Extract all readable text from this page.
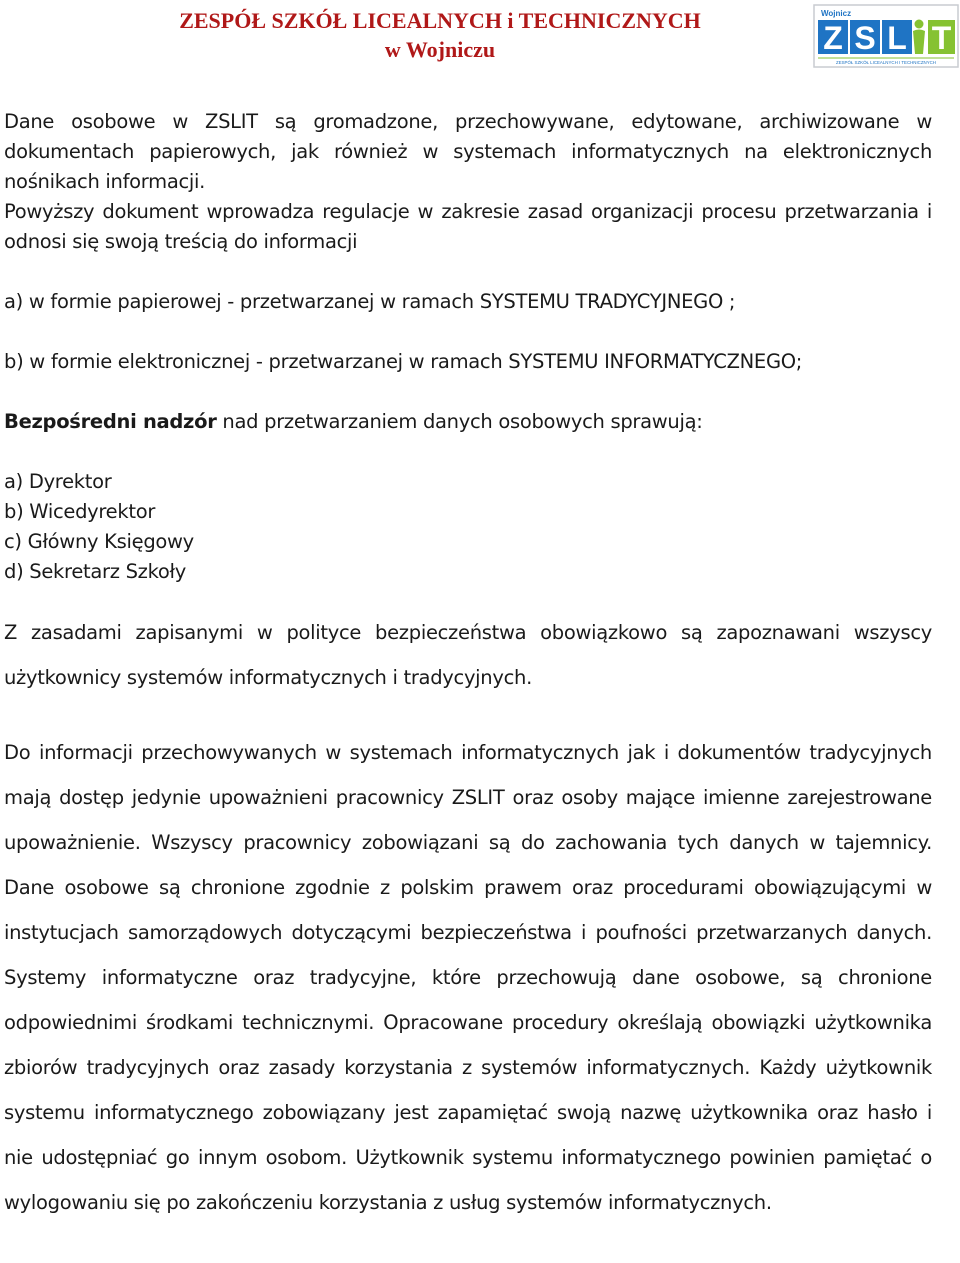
ZESPÓŁ SZKÓŁ LICEALNYCH i TECHNICZNYCH
w Wojniczu
Wojnicz
Z S L T
ZESPÓŁ SZKÓŁ LICEALNYCH I TECHNICZNYCH

Dane osobowe w ZSLIT są gromadzone, przechowywane, edytowane, archiwizowane w dokumentach papierowych, jak również w systemach informatycznych na elektronicznych nośnikach informacji.

Powyższy dokument wprowadza regulacje w zakresie zasad organizacji procesu przetwarzania i odnosi się swoją treścią do informacji

a) w formie papierowej - przetwarzanej w ramach SYSTEMU TRADYCYJNEGO ;
b) w formie elektronicznej - przetwarzanej w ramach SYSTEMU INFORMATYCZNEGO;
Bezpośredni nadzór nad przetwarzaniem danych osobowych sprawują:
a) Dyrektor
b) Wicedyrektor
c) Główny Księgowy
d) Sekretarz Szkoły

Z zasadami zapisanymi w polityce bezpieczeństwa obowiązkowo są zapoznawani wszyscy użytkownicy systemów informatycznych i tradycyjnych.

Do informacji przechowywanych w systemach informatycznych jak i dokumentów tradycyjnych mają dostęp jedynie upoważnieni pracownicy ZSLIT oraz osoby mające imienne zarejestrowane upoważnienie. Wszyscy pracownicy zobowiązani są do zachowania tych danych w tajemnicy. Dane osobowe są chronione zgodnie z polskim prawem oraz procedurami obowiązującymi w instytucjach samorządowych dotyczącymi bezpieczeństwa i poufności przetwarzanych danych. Systemy informatyczne oraz tradycyjne, które przechowują dane osobowe, są chronione odpowiednimi środkami technicznymi. Opracowane procedury określają obowiązki użytkownika zbiorów tradycyjnych oraz zasady korzystania z systemów informatycznych. Każdy użytkownik systemu informatycznego zobowiązany jest zapamiętać swoją nazwę użytkownika oraz hasło i nie udostępniać go innym osobom. Użytkownik systemu informatycznego powinien pamiętać o wylogowaniu się po zakończeniu korzystania z usług systemów informatycznych.
